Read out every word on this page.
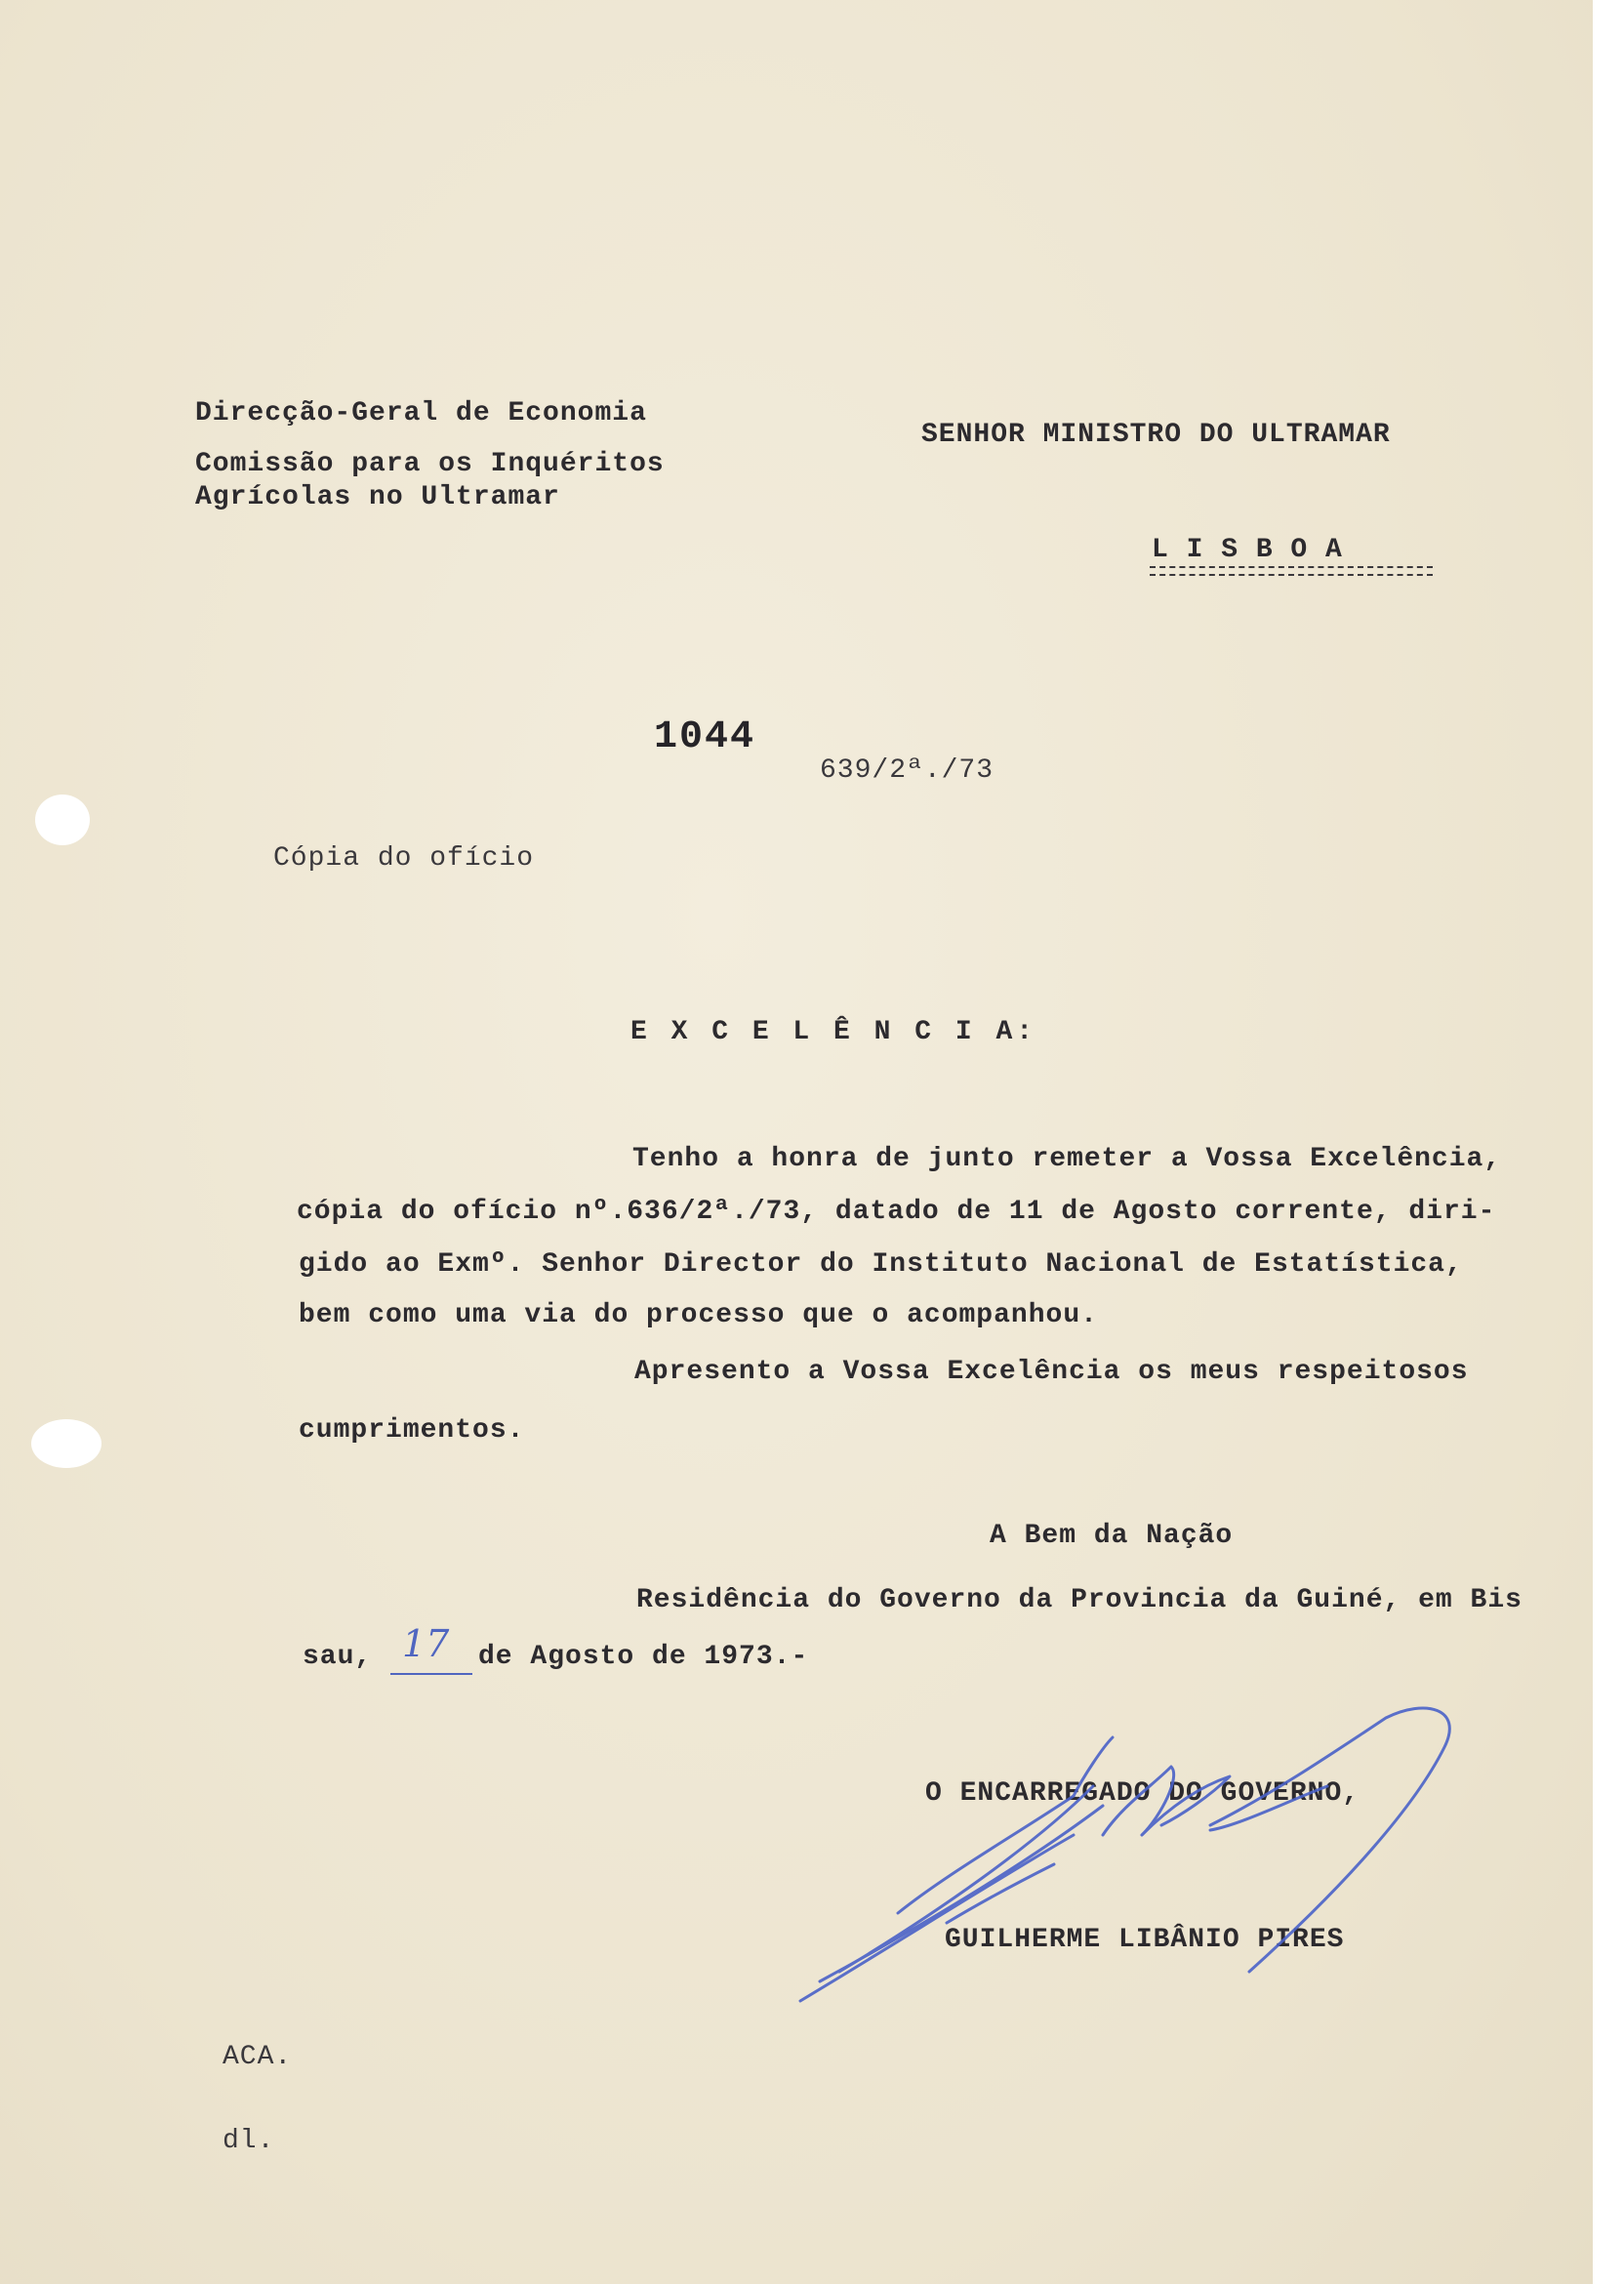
Direcção-Geral de Economia

Comissão para os Inquéritos

Agrícolas no Ultramar

SENHOR MINISTRO DO ULTRAMAR

L I S B O A

1044

639/2ª./73

Cópia do ofício

E X C E L Ê N C I A:

Tenho a honra de junto remeter a Vossa Excelência,

cópia do ofício nº.636/2ª./73, datado de 11 de Agosto corrente, diri-

gido ao Exmº. Senhor Director do Instituto Nacional de Estatística,

bem como uma via do processo que o acompanhou.

Apresento a Vossa Excelência os meus respeitosos

cumprimentos.

A Bem da Nação

Residência do Governo da Provincia da Guiné, em Bis

sau, 17 de Agosto de 1973.-

O ENCARREGADO DO GOVERNO,

GUILHERME LIBÂNIO PIRES

ACA.

dl.
